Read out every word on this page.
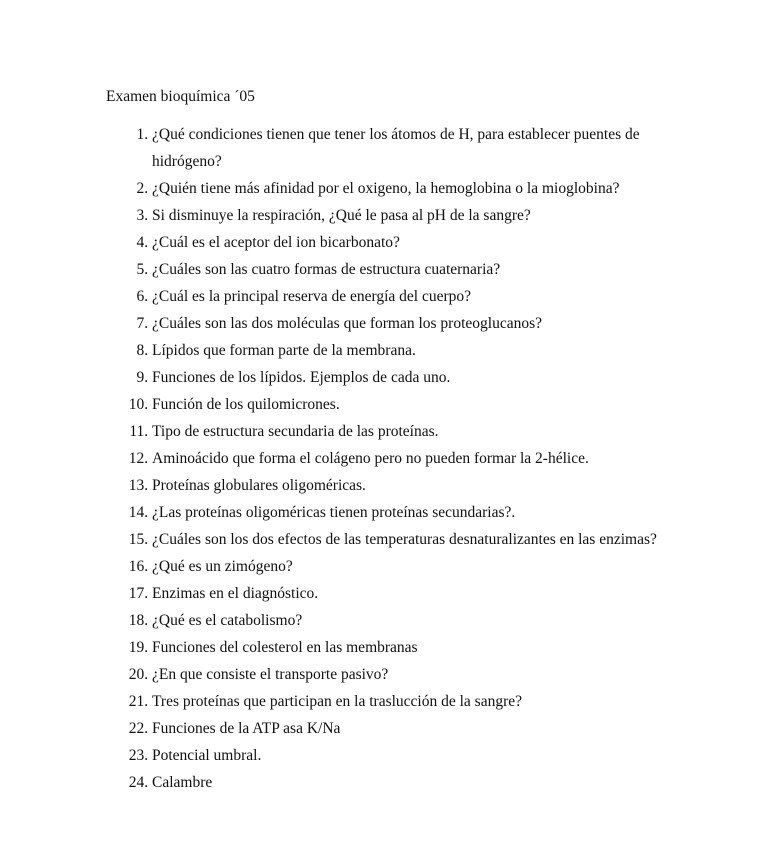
Examen bioquímica ´05
1. ¿Qué condiciones tienen que tener los átomos de H, para establecer puentes de hidrógeno?
2. ¿Quién tiene más afinidad por el oxigeno, la hemoglobina o la mioglobina?
3. Si disminuye la respiración, ¿Qué le pasa al pH de la sangre?
4. ¿Cuál es el aceptor del ion bicarbonato?
5. ¿Cuáles son las cuatro formas de estructura cuaternaria?
6. ¿Cuál es la principal reserva de energía del cuerpo?
7. ¿Cuáles son las dos moléculas que forman los proteoglucanos?
8. Lípidos que forman parte de la membrana.
9. Funciones de los lípidos. Ejemplos de cada uno.
10. Función de los quilomicrones.
11. Tipo de estructura secundaria de las proteínas.
12. Aminoácido que forma el colágeno pero no pueden formar la 2-hélice.
13. Proteínas globulares oligoméricas.
14. ¿Las proteínas oligoméricas tienen proteínas secundarias?.
15. ¿Cuáles son los dos efectos de las temperaturas desnaturalizantes en las enzimas?
16. ¿Qué es un zimógeno?
17. Enzimas en el diagnóstico.
18. ¿Qué es el catabolismo?
19. Funciones del colesterol en las membranas
20. ¿En que consiste el transporte pasivo?
21. Tres proteínas que participan en la traslucción de la sangre?
22. Funciones de la ATP asa K/Na
23. Potencial umbral.
24. Calambre
